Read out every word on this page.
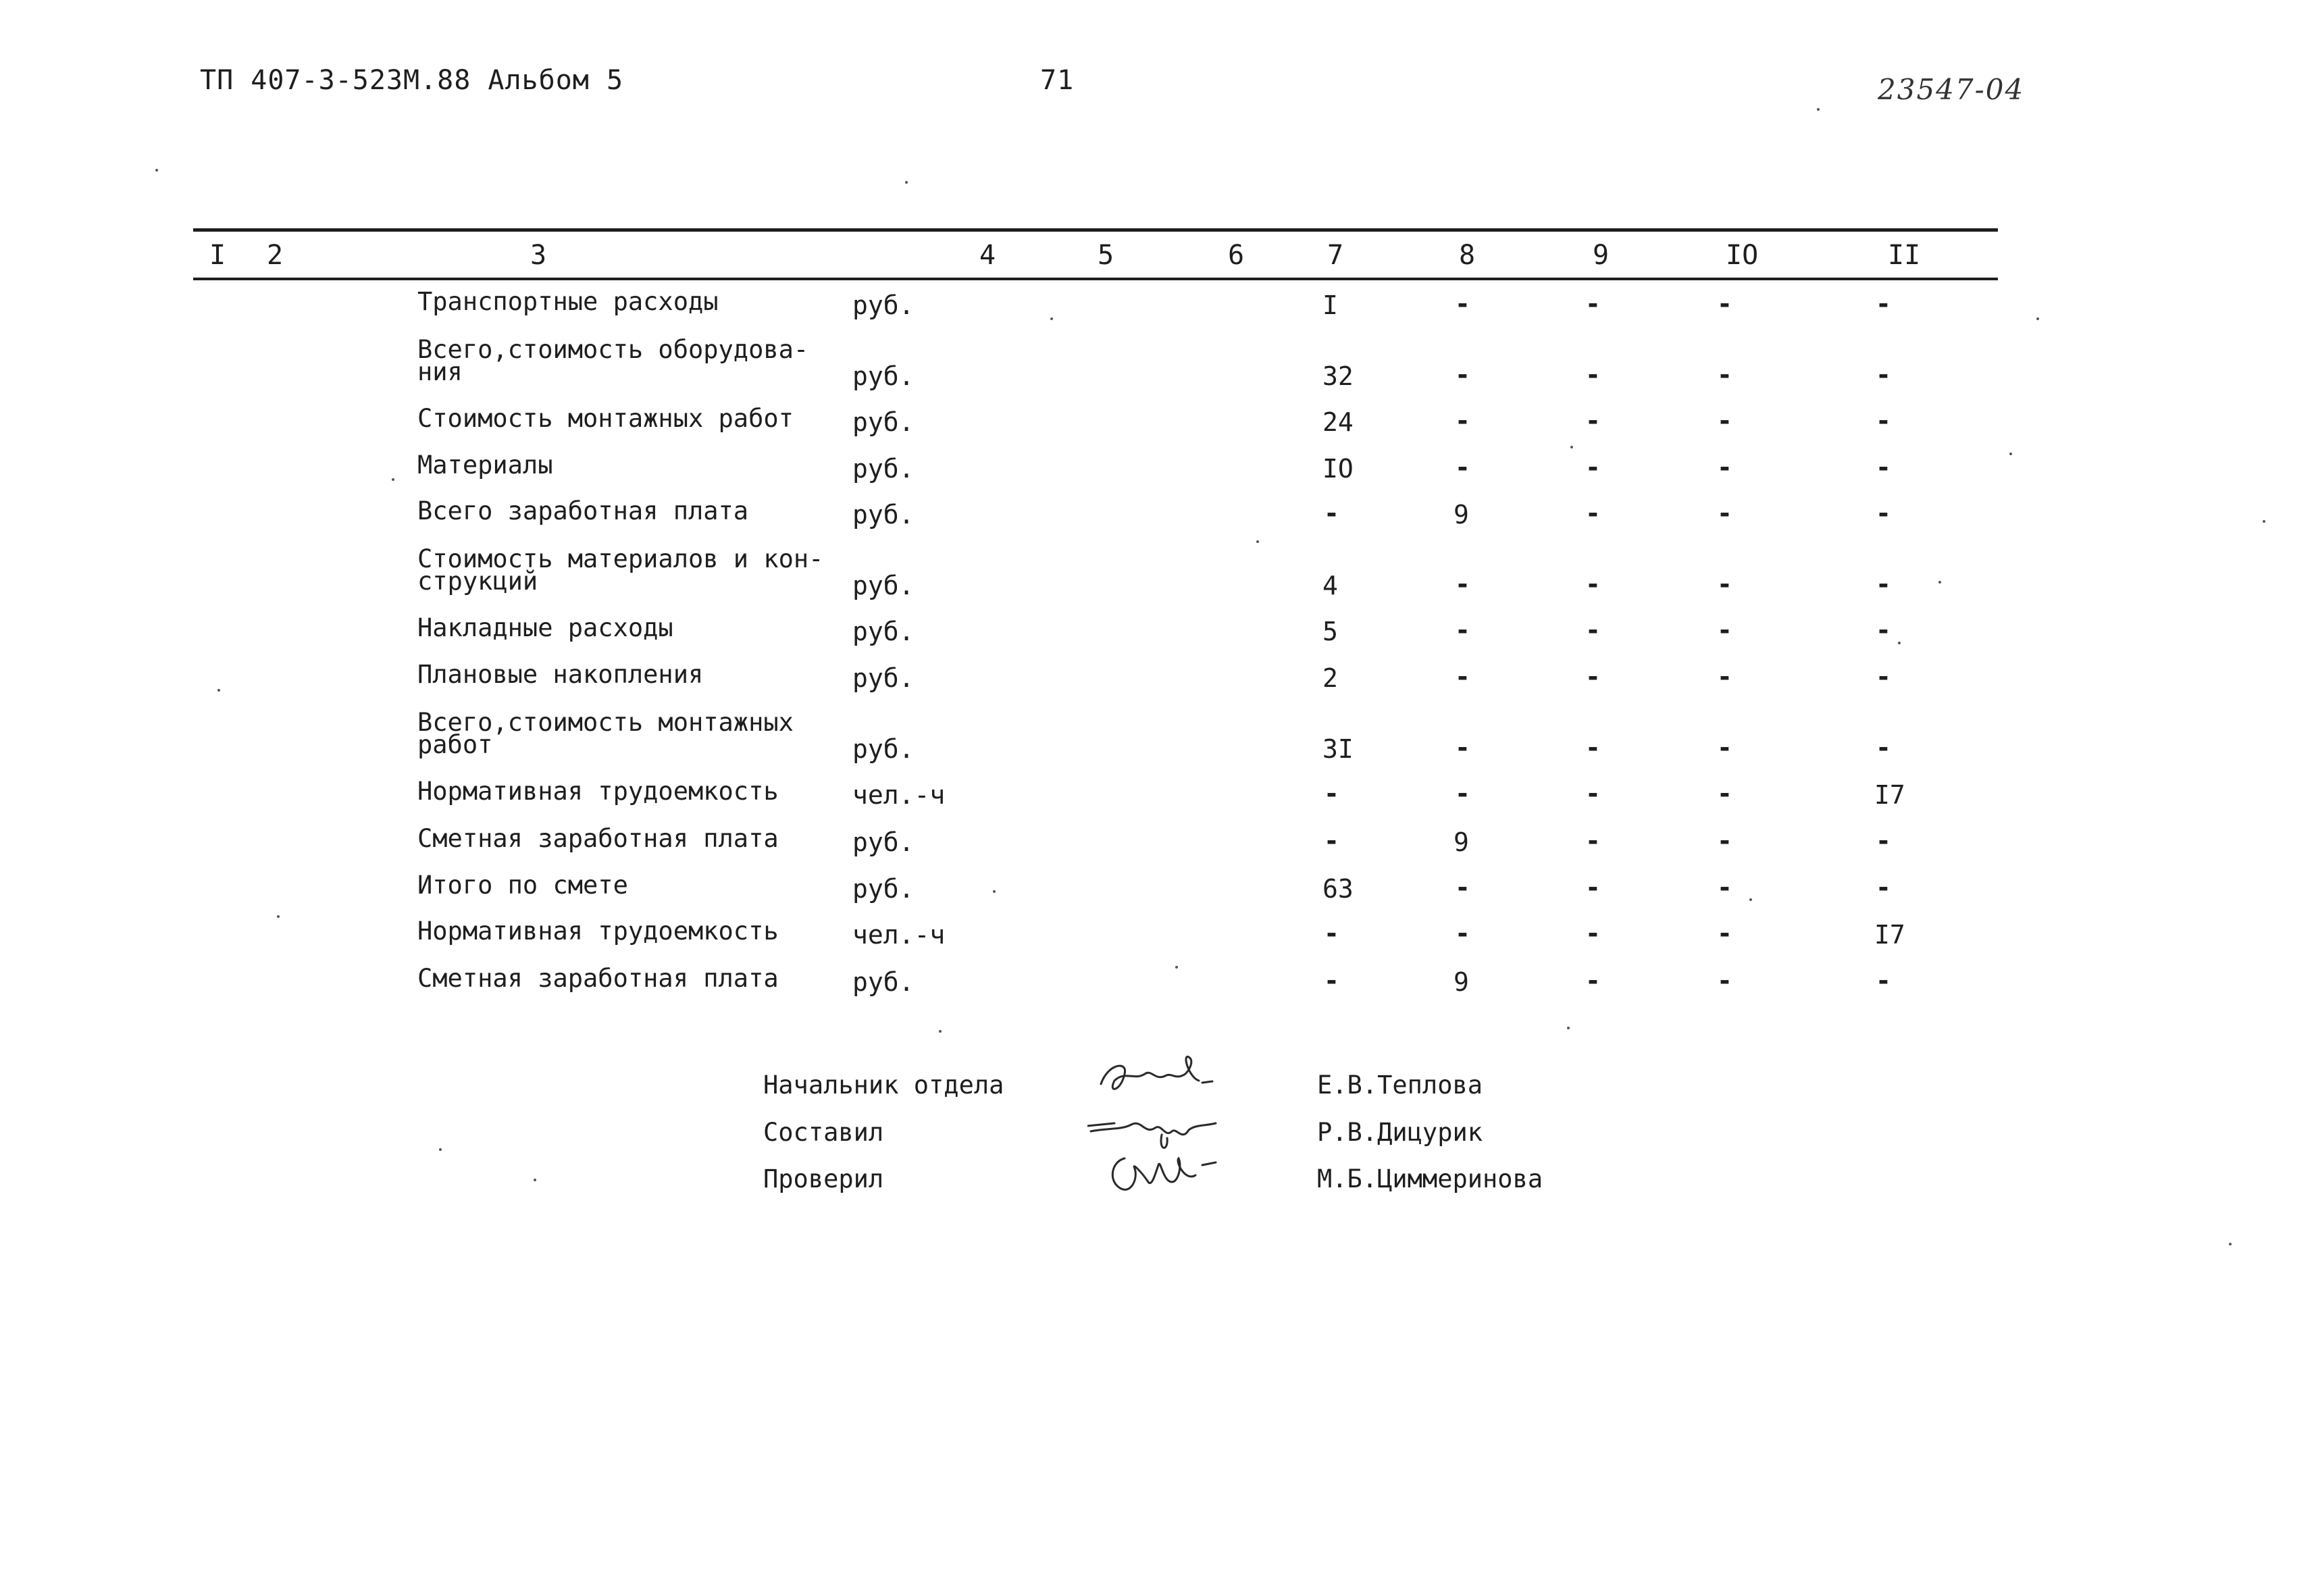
ТП 407-3-523М.88 Альбом 5	71	23547-04
I 2	3	4	5	6	7	8	9	IO	II
Транспортные расходы	руб.	I	-	-	-	-
Всего,стоимость оборудова-ния	руб.	32	-	-	-	-
Стоимость монтажных работ	руб.	24	-	-	-	-
Материалы	руб.	IO	-	-	-	-
Всего заработная плата	руб.	-	9	-	-	-
Стоимость материалов и кон-струкций	руб.	4	-	-	-	-
Накладные расходы	руб.	5	-	-	-	-
Плановые накопления	руб.	2	-	-	-	-
Всего,стоимость монтажных работ	руб.	3I	-	-	-	-
Нормативная трудоемкость	чел.-ч	-	-	-	-	I7
Сметная заработная плата	руб.	-	9	-	-	-
Итого по смете	руб.	63	-	-	-	-
Нормативная трудоемкость	чел.-ч	-	-	-	-	I7
Сметная заработная плата	руб.	-	9	-	-	-
Начальник отдела	Е.В.Теплова
Составил	Р.В.Дицурик
Проверил	М.Б.Циммеринова
